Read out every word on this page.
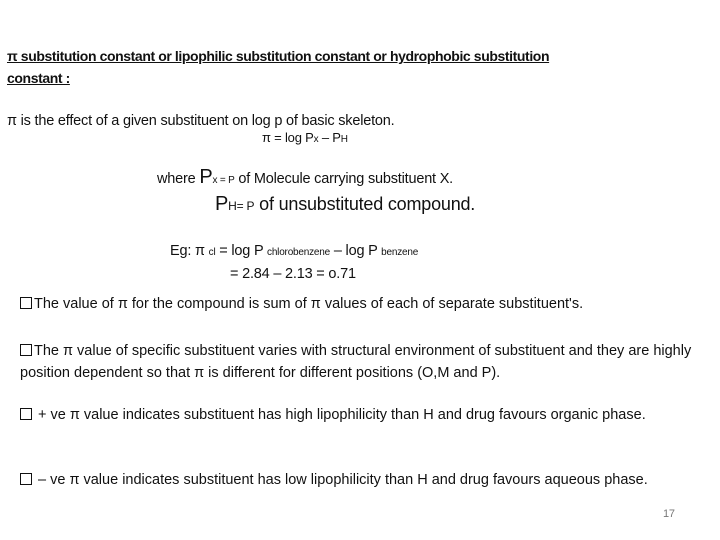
π substitution constant or lipophilic substitution constant or hydrophobic substitution
constant :
π is the effect of a given substituent on log p of basic skeleton.
π = log Px – PH
where Px = P of Molecule carrying substituent X.
PH= P of unsubstituted compound.
Eg: π cl = log P chlorobenzene – log P benzene
= 2.84 – 2.13 = o.71
The value of π for the compound is sum of π values of each of separate substituent's.
The π value of specific substituent varies with structural environment of substituent and they are highly position dependent so that π is different for different positions (O,M and P).
+ ve π value indicates substituent has high lipophilicity than H and drug favours organic phase.
– ve π value indicates substituent has low lipophilicity than H and drug favours aqueous phase.
17
